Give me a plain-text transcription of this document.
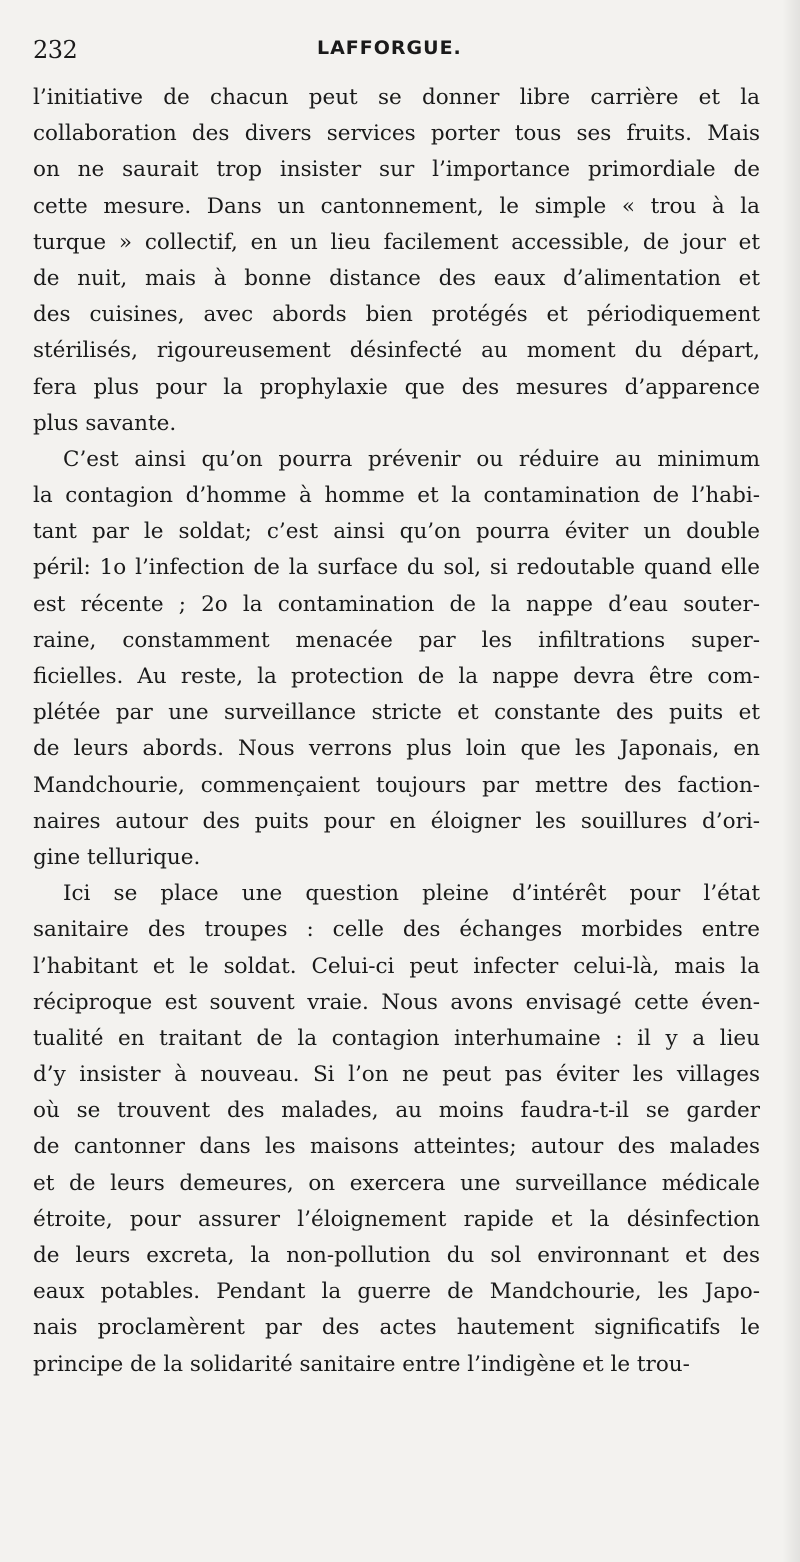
232	LAFFORGUE.
l’initiative de chacun peut se donner libre carrière et la
collaboration des divers services porter tous ses fruits. Mais
on ne saurait trop insister sur l’importance primordiale de
cette mesure. Dans un cantonnement, le simple « trou à la
turque » collectif, en un lieu facilement accessible, de jour et
de nuit, mais à bonne distance des eaux d’alimentation et
des cuisines, avec abords bien protégés et périodiquement
stérilisés, rigoureusement désinfecté au moment du départ,
fera plus pour la prophylaxie que des mesures d’apparence
plus savante.
C’est ainsi qu’on pourra prévenir ou réduire au minimum
la contagion d’homme à homme et la contamination de l’habi-
tant par le soldat; c’est ainsi qu’on pourra éviter un double
péril: 1o l’infection de la surface du sol, si redoutable quand elle
est récente ; 2o la contamination de la nappe d’eau souter-
raine, constamment menacée par les infiltrations super-
ficielles. Au reste, la protection de la nappe devra être com-
plétée par une surveillance stricte et constante des puits et
de leurs abords. Nous verrons plus loin que les Japonais, en
Mandchourie, commençaient toujours par mettre des faction-
naires autour des puits pour en éloigner les souillures d’ori-
gine tellurique.
Ici se place une question pleine d’intérêt pour l’état
sanitaire des troupes : celle des échanges morbides entre
l’habitant et le soldat. Celui-ci peut infecter celui-là, mais la
réciproque est souvent vraie. Nous avons envisagé cette éven-
tualité en traitant de la contagion interhumaine : il y a lieu
d’y insister à nouveau. Si l’on ne peut pas éviter les villages
où se trouvent des malades, au moins faudra-t-il se garder
de cantonner dans les maisons atteintes; autour des malades
et de leurs demeures, on exercera une surveillance médicale
étroite, pour assurer l’éloignement rapide et la désinfection
de leurs excreta, la non-pollution du sol environnant et des
eaux potables. Pendant la guerre de Mandchourie, les Japo-
nais proclamèrent par des actes hautement significatifs le
principe de la solidarité sanitaire entre l’indigène et le trou-
